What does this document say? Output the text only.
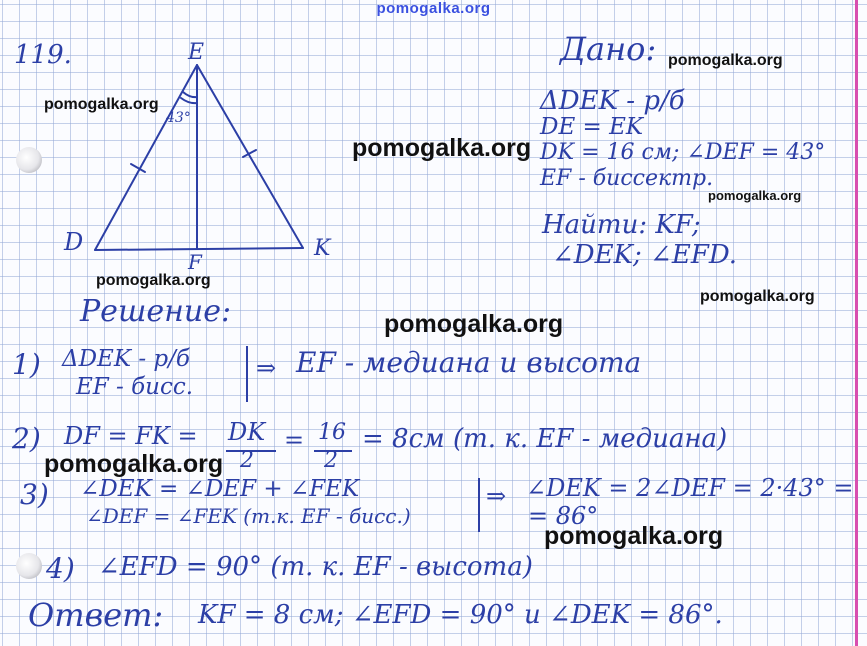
pomogalka.org
119.	E
D	K
F
43°
Дано:
ΔDEK - р/б
DE = EK
DK = 16 см; ∠DEF = 43°
EF - биссектр.
Найти: KF;
∠DEK; ∠EFD.
Решение:
1) ΔDEK - р/б
EF - бисс.
⇒ EF - медиана и высота
2) DF = FK = DK
2
= 16
2
= 8см (т. к. EF - медиана)
3) ∠DEK = ∠DEF + ∠FEK
∠DEF = ∠FEK (т.к. EF - бисс.)
⇒ ∠DEK = 2∠DEF = 2·43° =
= 86°
4) ∠EFD = 90° (т. к. EF - высота)
Ответ: KF = 8 см; ∠EFD = 90° и ∠DEK = 86°.
pomogalka.org
pomogalka.org
pomogalka.org
pomogalka.org
pomogalka.org
pomogalka.org
pomogalka.org
pomogalka.org
pomogalka.org
